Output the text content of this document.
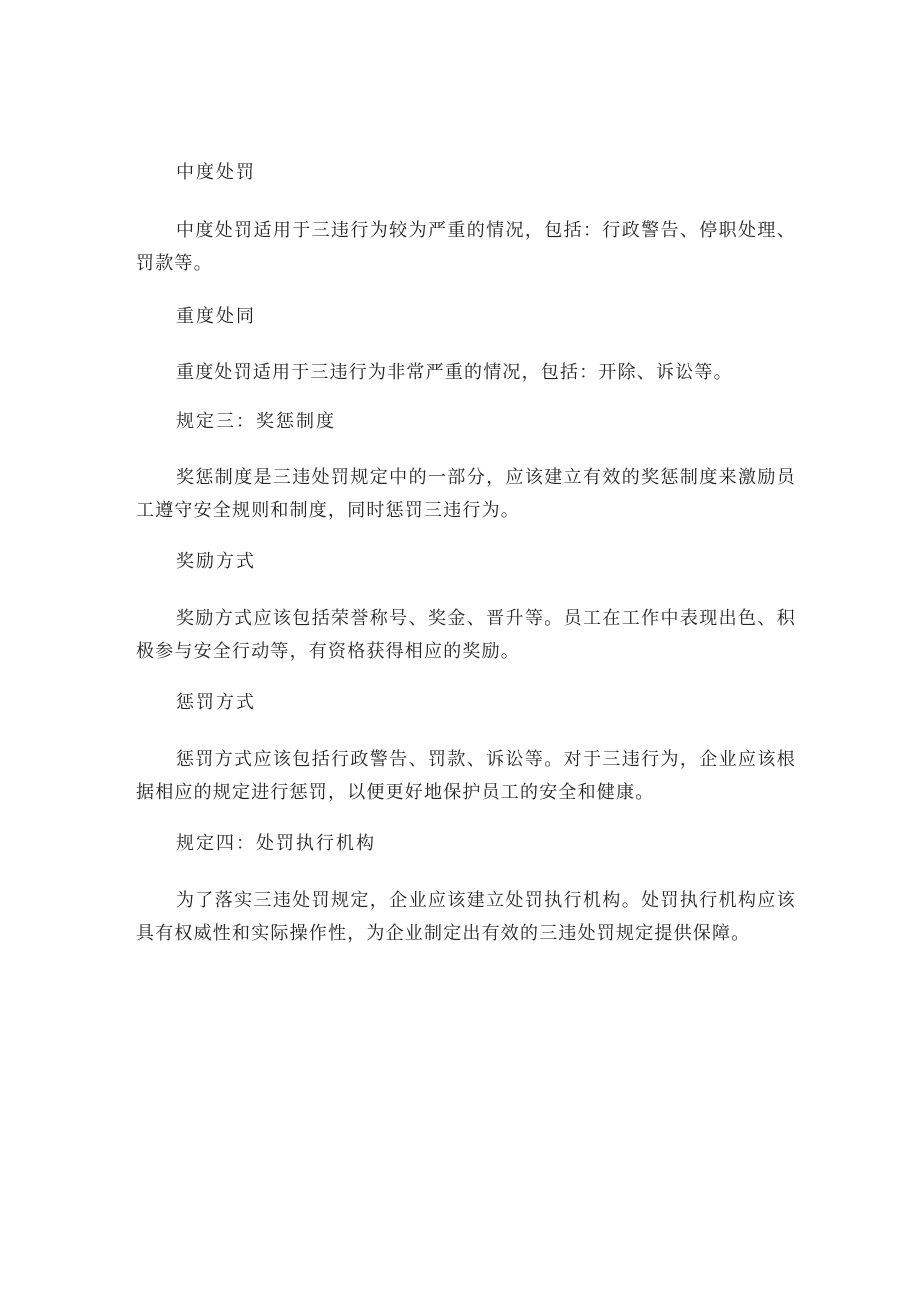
中度处罚

中度处罚适用于三违行为较为严重的情况，包括：行政警告、停职处理、罚款等。

重度处同

重度处罚适用于三违行为非常严重的情况，包括：开除、诉讼等。

规定三：奖惩制度

奖惩制度是三违处罚规定中的一部分，应该建立有效的奖惩制度来激励员工遵守安全规则和制度，同时惩罚三违行为。

奖励方式

奖励方式应该包括荣誉称号、奖金、晋升等。员工在工作中表现出色、积极参与安全行动等，有资格获得相应的奖励。

惩罚方式

惩罚方式应该包括行政警告、罚款、诉讼等。对于三违行为，企业应该根据相应的规定进行惩罚，以便更好地保护员工的安全和健康。

规定四：处罚执行机构

为了落实三违处罚规定，企业应该建立处罚执行机构。处罚执行机构应该具有权威性和实际操作性，为企业制定出有效的三违处罚规定提供保障。
